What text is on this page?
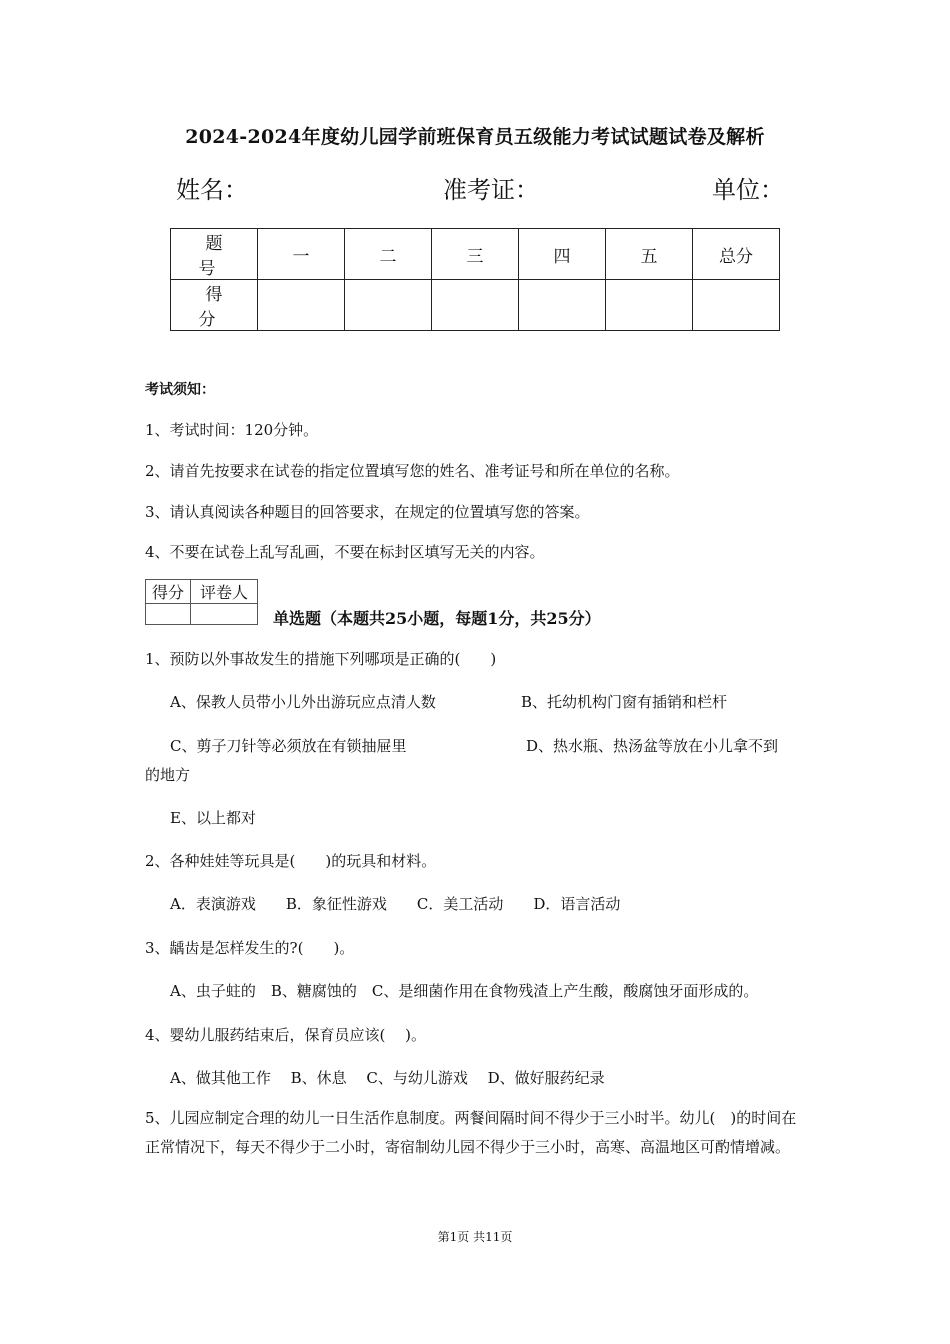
2024-2024年度幼儿园学前班保育员五级能力考试试题试卷及解析
姓名：	准考证：	单位：
题　号	一	二	三	四	五	总分
得　分						
考试须知：
1、考试时间：120分钟。
2、请首先按要求在试卷的指定位置填写您的姓名、准考证号和所在单位的名称。
3、请认真阅读各种题目的回答要求，在规定的位置填写您的答案。
4、不要在试卷上乱写乱画，不要在标封区填写无关的内容。
得分	评卷人

单选题（本题共25小题，每题1分，共25分）
1、预防以外事故发生的措施下列哪项是正确的(　　)
A、保教人员带小儿外出游玩应点清人数	B、托幼机构门窗有插销和栏杆
C、剪子刀针等必须放在有锁抽屉里	D、热水瓶、热汤盆等放在小儿拿不到
的地方
E、以上都对
2、各种娃娃等玩具是(　　)的玩具和材料。
A．表演游戏　　B．象征性游戏　　C．美工活动　　D．语言活动
3、龋齿是怎样发生的?(　　)。
A、虫子蛀的　B、糖腐蚀的　C、是细菌作用在食物残渣上产生酸，酸腐蚀牙面形成的。
4、婴幼儿服药结束后，保育员应该(　 )。
A、做其他工作　 B、休息　 C、与幼儿游戏　 D、做好服药纪录
5、儿园应制定合理的幼儿一日生活作息制度。两餐间隔时间不得少于三小时半。幼儿(　)的时间在正常情况下，每天不得少于二小时，寄宿制幼儿园不得少于三小时，高寒、高温地区可酌情增减。
第1页 共11页
